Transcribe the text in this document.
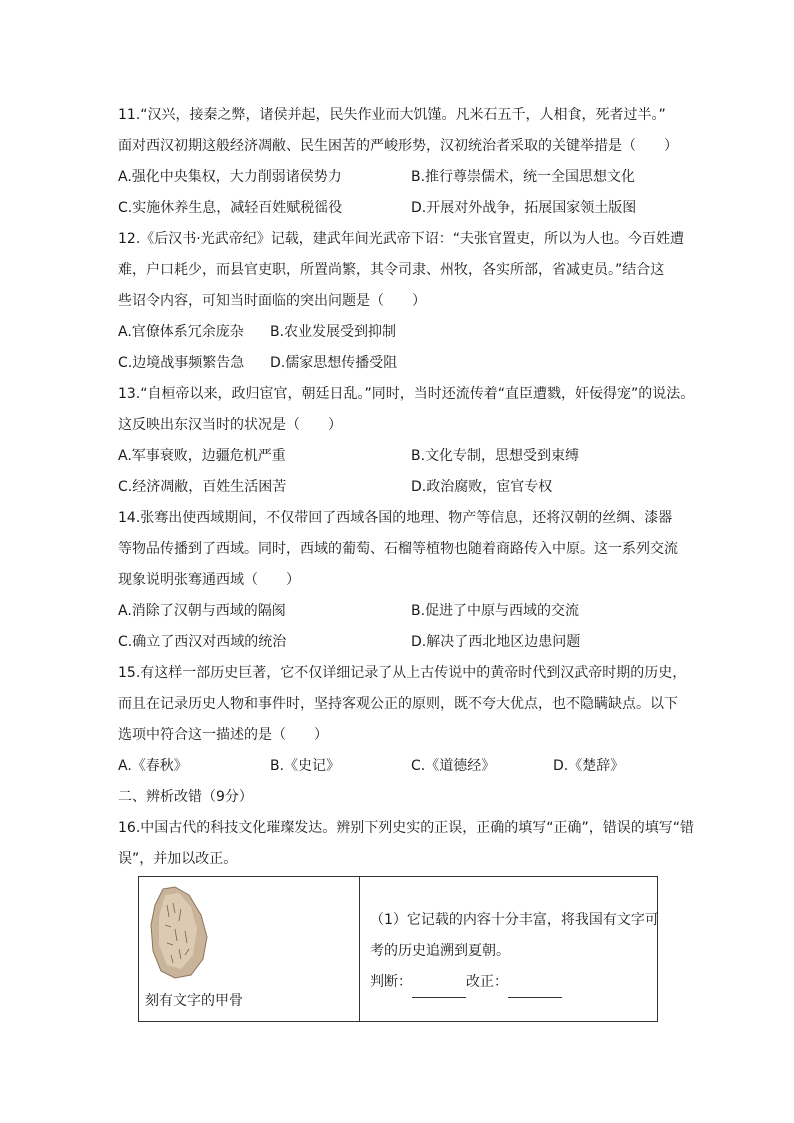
11.“汉兴，接秦之弊，诸侯并起，民失作业而大饥馑。凡米石五千，人相食，死者过半。”
面对西汉初期这般经济凋敝、民生困苦的严峻形势，汉初统治者采取的关键举措是（　　）
A.强化中央集权，大力削弱诸侯势力	B.推行尊崇儒术，统一全国思想文化
C.实施休养生息，减轻百姓赋税徭役	D.开展对外战争，拓展国家领土版图
12.《后汉书·光武帝纪》记载，建武年间光武帝下诏：“夫张官置吏，所以为人也。今百姓遭
难，户口耗少，而县官吏职，所置尚繁，其令司隶、州牧，各实所部，省减吏员。”结合这
些诏令内容，可知当时面临的突出问题是（　　）
A.官僚体系冗余庞杂 B.农业发展受到抑制
C.边境战事频繁告急 D.儒家思想传播受阻
13.“自桓帝以来，政归宦官，朝廷日乱。”同时，当时还流传着“直臣遭戮，奸佞得宠”的说法。
这反映出东汉当时的状况是（　　）
A.军事衰败，边疆危机严重	B.文化专制，思想受到束缚
C.经济凋敝，百姓生活困苦	D.政治腐败，宦官专权
14.张骞出使西域期间，不仅带回了西域各国的地理、物产等信息，还将汉朝的丝绸、漆器
等物品传播到了西域。同时，西域的葡萄、石榴等植物也随着商路传入中原。这一系列交流
现象说明张骞通西域（　　）
A.消除了汉朝与西域的隔阂	B.促进了中原与西域的交流
C.确立了西汉对西域的统治	D.解决了西北地区边患问题
15.有这样一部历史巨著，它不仅详细记录了从上古传说中的黄帝时代到汉武帝时期的历史，
而且在记录历史人物和事件时，坚持客观公正的原则，既不夸大优点，也不隐瞒缺点。以下
选项中符合这一描述的是（　　）
A.《春秋》	B.《史记》	C.《道德经》	D.《楚辞》
二、辨析改错（9分）
16.中国古代的科技文化璀璨发达。辨别下列史实的正误，正确的填写“正确”，错误的填写“错
误”，并加以改正。
刻有文字的甲骨

（1）它记载的内容十分丰富，将我国有文字可
考的历史追溯到夏朝。
判断：	改正：
